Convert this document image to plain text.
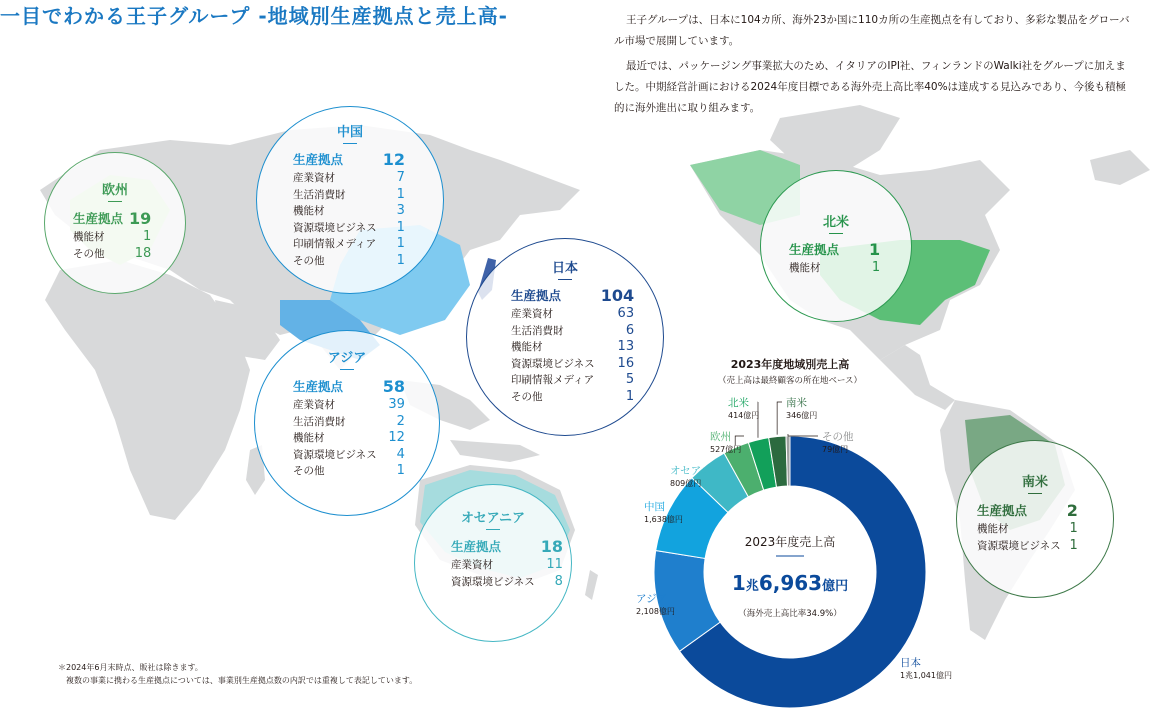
一目でわかる王子グループ -地域別生産拠点と売上高-	王子グループは、日本に104カ所、海外23か国に110カ所の生産拠点を有しており、多彩な製品をグローバル市場で展開しています。

最近では、パッケージング事業拡大のため、イタリアのIPI社、フィンランドのWalki社をグループに加えました。中期経営計画における2024年度目標である海外売上高比率40%は達成する見込みであり、今後も積極的に海外進出に取り組みます。

中国
生産拠点	12
産業資材	7
生活消費財	1
機能材	3
資源環境ビジネス	1
印刷情報メディア	1
その他	1
欧州
生産拠点	19
機能材	1
その他	18
日本
生産拠点	104
産業資材	63
生活消費財	6
機能材	13
資源環境ビジネス	16
印刷情報メディア	5
その他	1
アジア
生産拠点	58
産業資材	39
生活消費財	2
機能材	12
資源環境ビジネス	4
その他	1
オセアニア
生産拠点	18
産業資材	11
資源環境ビジネス	8
北米
生産拠点	1
機能材	1
南米
生産拠点	2
機能材	1
資源環境ビジネス	1
2023年度地域別売上高
（売上高は最終顧客の所在地ベース）
日本
1兆1,041億円
アジア
2,108億円
中国
1,638億円
オセアニア
809億円
欧州
527億円
北米
414億円
南米
346億円
その他
79億円
2023年度売上高
1兆6,963億円
（海外売上高比率34.9%）
＊2024年6月末時点、販社は除きます。
複数の事業に携わる生産拠点については、事業別生産拠点数の内訳では重複して表記しています。
